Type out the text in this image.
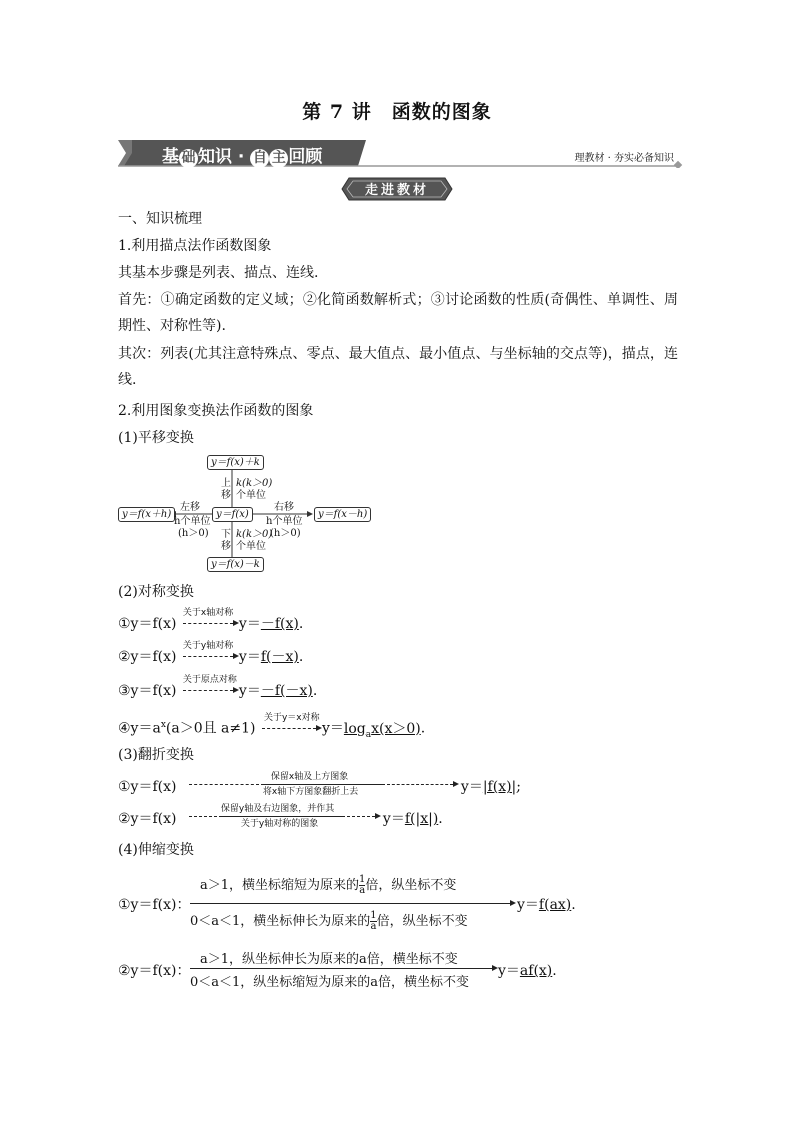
第 7 讲　函数的图象
基 础 知识 · 自 主 回顾	理教材 · 夯实必备知识
走进教材
一、知识梳理
1.利用描点法作函数图象
其基本步骤是列表、描点、连线.
首先：①确定函数的定义域；②化简函数解析式；③讨论函数的性质(奇偶性、单调性、周期性、对称性等).
其次：列表(尤其注意特殊点、零点、最大值点、最小值点、与坐标轴的交点等)，描点，连线.
2.利用图象变换法作函数的图象
(1)平移变换
y＝f(x)＋k
y＝f(x)
y＝f(x)－k
y＝f(x＋h)	y＝f(x－h)
上
移
k(k＞0)
个单位
下
移
k(k＞0)
个单位
左移
h个单位
(h＞0)
右移
h个单位
(h＞0)
(2)对称变换
①y＝f(x)
关于x轴对称
y＝－f(x).
②y＝f(x)
关于y轴对称
y＝f(－x).
③y＝f(x)
关于原点对称
y＝－f(－x).
$④y=a^x(a>0$且 a≠1)
关于y＝x对称
$y=\log_ax(x>0)$.
(3)翻折变换
①y＝f(x)
保留x轴及上方图象
将x轴下方图象翻折上去	y＝|f(x)|;
②y＝f(x)
保留y轴及右边图象，并作其
关于y轴对称的图象	y＝f(|x|).
(4)伸缩变换
①y＝f(x)：
a＞1，横坐标缩短为原来的 $\frac{1}{a}$ 倍，纵坐标不变
0＜a＜1，横坐标伸长为原来的 $\frac{1}{a}$ 倍，纵坐标不变
y＝f(ax).
②y＝f(x)：
a＞1，纵坐标伸长为原来的a倍，横坐标不变
0＜a＜1，纵坐标缩短为原来的a倍，横坐标不变
y＝af(x).
